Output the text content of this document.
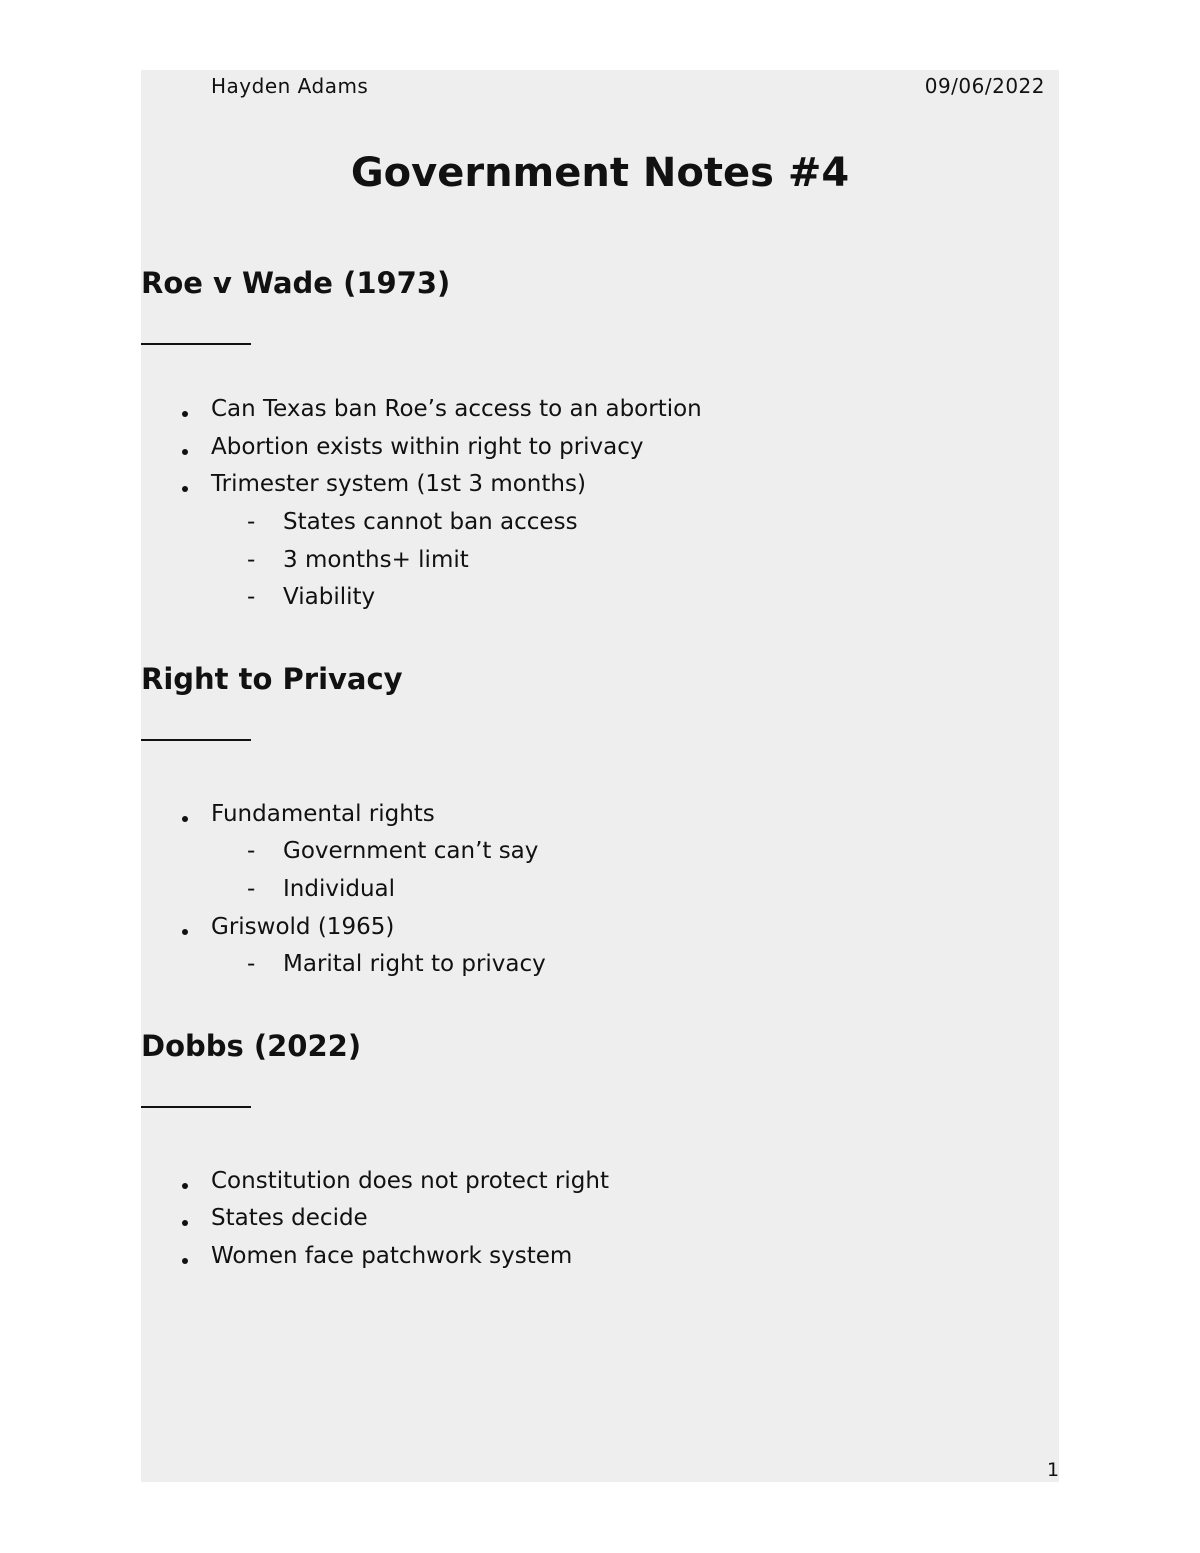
Hayden Adams	09/06/2022
Government Notes #4
Roe v Wade (1973)
Can Texas ban Roe’s access to an abortion
Abortion exists within right to privacy
Trimester system (1st 3 months)
- States cannot ban access
- 3 months+ limit
- Viability
Right to Privacy
Fundamental rights
- Government can’t say
- Individual
Griswold (1965)
- Marital right to privacy
Dobbs (2022)
Constitution does not protect right
States decide
Women face patchwork system
1
